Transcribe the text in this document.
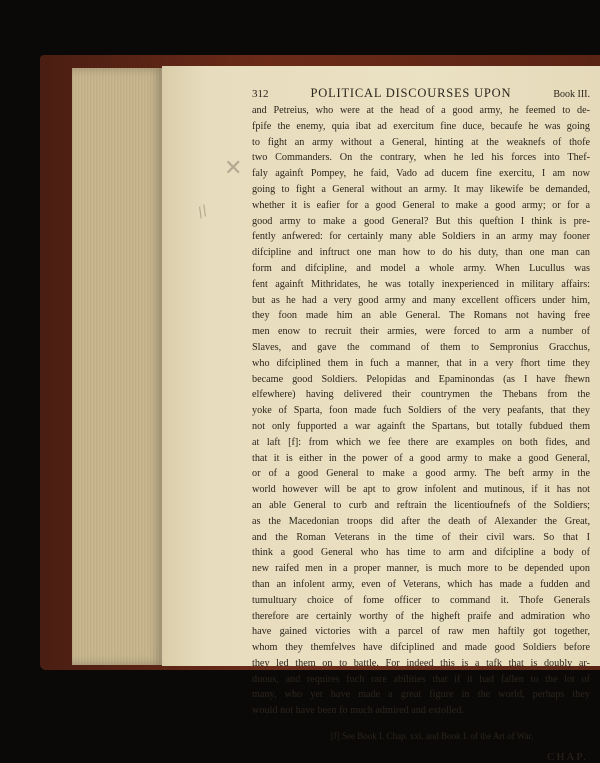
✕
∕∕
312	POLITICAL DISCOURSES UPON	Book III.
and Petreius, who were at the head of a good army, he feemed to de-
fpife the enemy, quia ibat ad exercitum fine duce, becaufe he was going
to fight an army without a General, hinting at the weaknefs of thofe
two Commanders. On the contrary, when he led his forces into Thef-
faly againft Pompey, he faid, Vado ad ducem fine exercitu, I am now
going to fight a General without an army. It may likewife be demanded,
whether it is eafier for a good General to make a good army; or for a
good army to make a good General? But this queftion I think is pre-
fently anfwered: for certainly many able Soldiers in an army may fooner
difcipline and inftruct one man how to do his duty, than one man can
form and difcipline, and model a whole army. When Lucullus was
fent againft Mithridates, he was totally inexperienced in military affairs:
but as he had a very good army and many excellent officers under him,
they foon made him an able General. The Romans not having free
men enow to recruit their armies, were forced to arm a number of
Slaves, and gave the command of them to Sempronius Gracchus,
who difciplined them in fuch a manner, that in a very fhort time they
became good Soldiers. Pelopidas and Epaminondas (as I have fhewn
elfewhere) having delivered their countrymen the Thebans from the
yoke of Sparta, foon made fuch Soldiers of the very peafants, that they
not only fupported a war againft the Spartans, but totally fubdued them
at laft [f]: from which we fee there are examples on both fides, and
that it is either in the power of a good army to make a good General,
or of a good General to make a good army. The beft army in the
world however will be apt to grow infolent and mutinous, if it has not
an able General to curb and reftrain the licentioufnefs of the Soldiers;
as the Macedonian troops did after the death of Alexander the Great,
and the Roman Veterans in the time of their civil wars. So that I
think a good General who has time to arm and difcipline a body of
new raifed men in a proper manner, is much more to be depended upon
than an infolent army, even of Veterans, which has made a fudden and
tumultuary choice of fome officer to command it. Thofe Generals
therefore are certainly worthy of the higheft praife and admiration who
have gained victories with a parcel of raw men haftily got together,
whom they themfelves have difciplined and made good Soldiers before
they led them on to battle. For indeed this is a tafk that is doubly ar-
duous, and requires fuch rare abilities that if it had fallen to the lot of
many, who yet have made a great figure in the world, perhaps they
would not have been fo much admired and extolled.
[f] See Book I. Chap. xxi. and Book I. of the Art of War.
CHAP.
